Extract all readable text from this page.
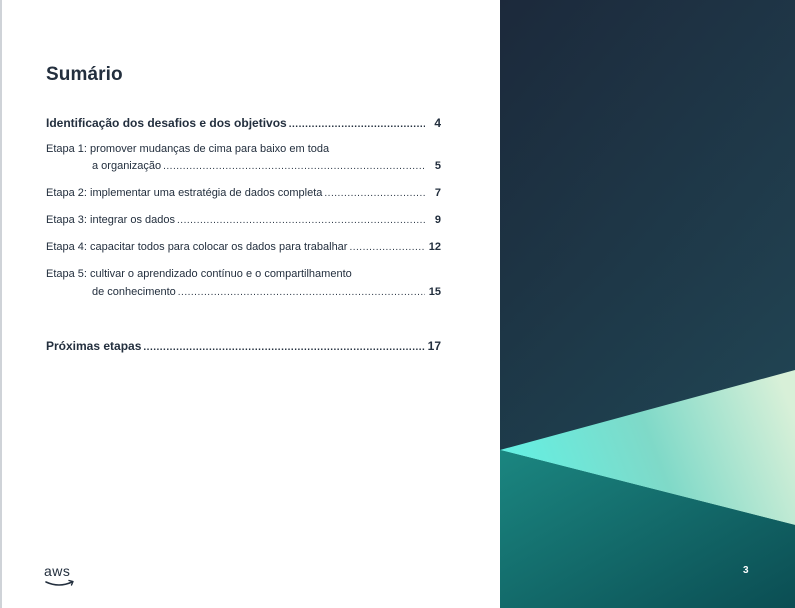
Sumário
Identificação dos desafios e dos objetivos .....	4
Etapa 1: promover mudanças de cima para baixo em toda
a organização .....	5
Etapa 2: implementar uma estratégia de dados completa .....	7
Etapa 3: integrar os dados .....	9
Etapa 4: capacitar todos para colocar os dados para trabalhar .....	12
Etapa 5: cultivar o aprendizado contínuo e o compartilhamento
de conhecimento .....	15
Próximas etapas .....	17
aws	3
